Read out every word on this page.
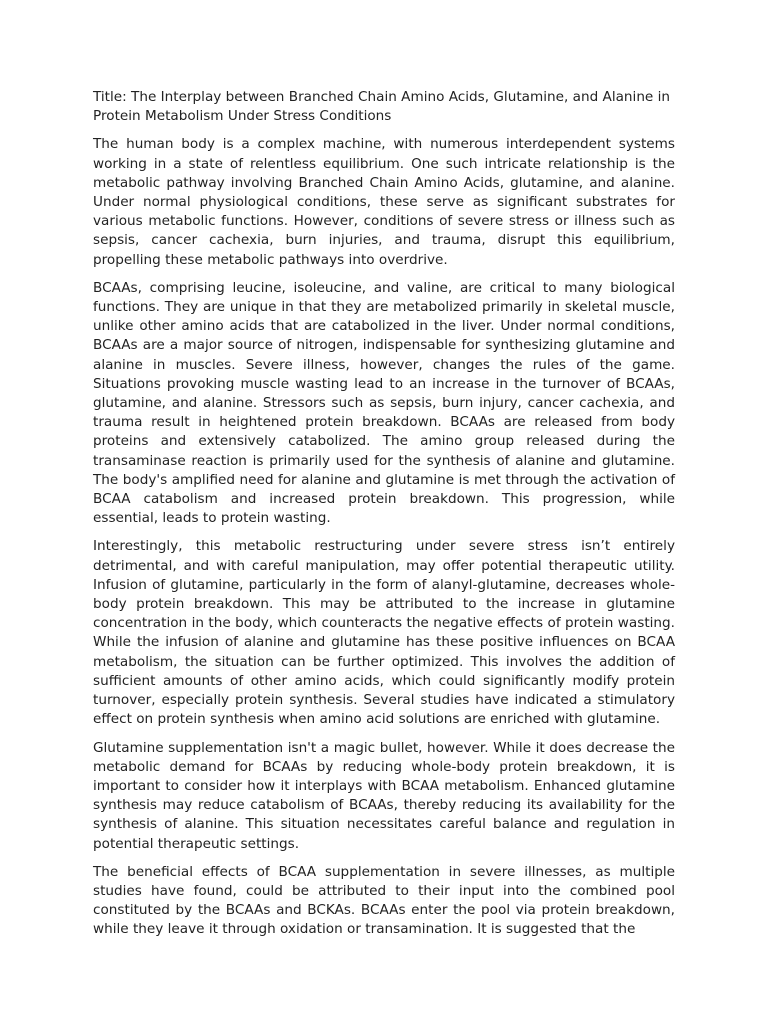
Title: The Interplay between Branched Chain Amino Acids, Glutamine, and Alanine in Protein Metabolism Under Stress Conditions

The human body is a complex machine, with numerous interdependent systems working in a state of relentless equilibrium. One such intricate relationship is the metabolic pathway involving Branched Chain Amino Acids, glutamine, and alanine. Under normal physiological conditions, these serve as significant substrates for various metabolic functions. However, conditions of severe stress or illness such as sepsis, cancer cachexia, burn injuries, and trauma, disrupt this equilibrium, propelling these metabolic pathways into overdrive.

BCAAs, comprising leucine, isoleucine, and valine, are critical to many biological functions. They are unique in that they are metabolized primarily in skeletal muscle, unlike other amino acids that are catabolized in the liver. Under normal conditions, BCAAs are a major source of nitrogen, indispensable for synthesizing glutamine and alanine in muscles. Severe illness, however, changes the rules of the game. Situations provoking muscle wasting lead to an increase in the turnover of BCAAs, glutamine, and alanine. Stressors such as sepsis, burn injury, cancer cachexia, and trauma result in heightened protein breakdown. BCAAs are released from body proteins and extensively catabolized. The amino group released during the transaminase reaction is primarily used for the synthesis of alanine and glutamine. The body's amplified need for alanine and glutamine is met through the activation of BCAA catabolism and increased protein breakdown. This progression, while essential, leads to protein wasting.

Interestingly, this metabolic restructuring under severe stress isn’t entirely detrimental, and with careful manipulation, may offer potential therapeutic utility. Infusion of glutamine, particularly in the form of alanyl-glutamine, decreases whole-body protein breakdown. This may be attributed to the increase in glutamine concentration in the body, which counteracts the negative effects of protein wasting. While the infusion of alanine and glutamine has these positive influences on BCAA metabolism, the situation can be further optimized. This involves the addition of sufficient amounts of other amino acids, which could significantly modify protein turnover, especially protein synthesis. Several studies have indicated a stimulatory effect on protein synthesis when amino acid solutions are enriched with glutamine.

Glutamine supplementation isn't a magic bullet, however. While it does decrease the metabolic demand for BCAAs by reducing whole-body protein breakdown, it is important to consider how it interplays with BCAA metabolism. Enhanced glutamine synthesis may reduce catabolism of BCAAs, thereby reducing its availability for the synthesis of alanine. This situation necessitates careful balance and regulation in potential therapeutic settings.

The beneficial effects of BCAA supplementation in severe illnesses, as multiple studies have found, could be attributed to their input into the combined pool constituted by the BCAAs and BCKAs. BCAAs enter the pool via protein breakdown, while they leave it through oxidation or transamination. It is suggested that the
